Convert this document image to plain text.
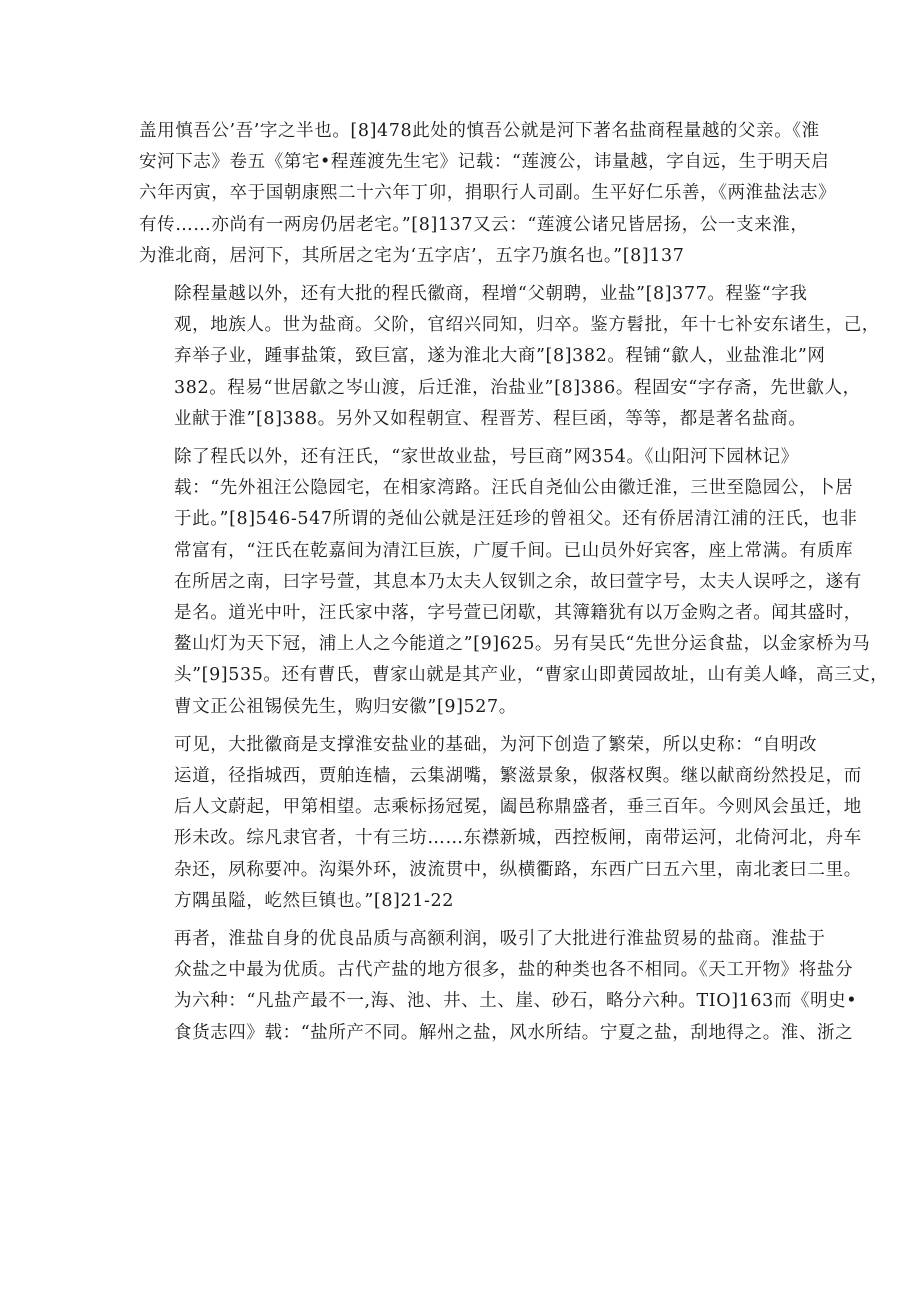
盖用慎吾公’吾’字之半也。[8]478此处的慎吾公就是河下著名盐商程量越的父亲。《淮
安河下志》卷五《第宅•程莲渡先生宅》记载：“莲渡公，讳量越，字自远，生于明天启
六年丙寅，卒于国朝康熙二十六年丁卯，捐职行人司副。生平好仁乐善，《两淮盐法志》
有传……亦尚有一两房仍居老宅。”[8]137又云：“莲渡公诸兄皆居扬，公一支来淮，
为淮北商，居河下，其所居之宅为‘五字店’，五字乃旗名也。”[8]137
除程量越以外，还有大批的程氏徽商，程增“父朝聘，业盐”[8]377。程鉴“字我
观，地族人。世为盐商。父阶，官绍兴同知，归卒。鉴方髫批，年十七补安东诸生，己，
弃举子业，踵事盐策，致巨富，遂为淮北大商”[8]382。程铺“歙人，业盐淮北”网
382。程易“世居歙之岑山渡，后迁淮，治盐业”[8]386。程固安“字存斋，先世歙人，
业献于淮”[8]388。另外又如程朝宣、程晋芳、程巨函，等等，都是著名盐商。
除了程氏以外，还有汪氏，“家世故业盐，号巨商”网354。《山阳河下园林记》
载：“先外祖汪公隐园宅，在相家湾路。汪氏自尧仙公由徽迁淮，三世至隐园公，卜居
于此。”[8]546-547所谓的尧仙公就是汪廷珍的曾祖父。还有侨居清江浦的汪氏，也非
常富有，“汪氏在乾嘉间为清江巨族，广厦千间。已山员外好宾客，座上常满。有质库
在所居之南，曰字号萱，其息本乃太夫人钗钏之余，故曰萱字号，太夫人误呼之，遂有
是名。道光中叶，汪氏家中落，字号萱已闭歇，其簿籍犹有以万金购之者。闻其盛时，
鳌山灯为天下冠，浦上人之今能道之”[9]625。另有吴氏“先世分运食盐，以金家桥为马
头”[9]535。还有曹氏，曹家山就是其产业，“曹家山即黄园故址，山有美人峰，高三丈，
曹文正公祖锡侯先生，购归安徽”[9]527。
可见，大批徽商是支撑淮安盐业的基础，为河下创造了繁荣，所以史称：“自明改
运道，径指城西，贾舶连樯，云集湖嘴，繁滋景象，俶落权舆。继以献商纷然投足，而
后人文蔚起，甲第相望。志乘标扬冠冕，阖邑称鼎盛者，垂三百年。今则风会虽迁，地
形未改。综凡隶官者，十有三坊……东襟新城，西控板闸，南带运河，北倚河北，舟车
杂还，夙称要冲。沟渠外环，波流贯中，纵横衢路，东西广曰五六里，南北袤曰二里。
方隅虽隘，屹然巨镇也。”[8]21-22
再者，淮盐自身的优良品质与高额利润，吸引了大批进行淮盐贸易的盐商。淮盐于
众盐之中最为优质。古代产盐的地方很多，盐的种类也各不相同。《天工开物》将盐分
为六种：“凡盐产最不一,海、池、井、土、崖、砂石，略分六种。TIO]163而《明史•
食货志四》载：“盐所产不同。解州之盐，风水所结。宁夏之盐，刮地得之。淮、浙之
